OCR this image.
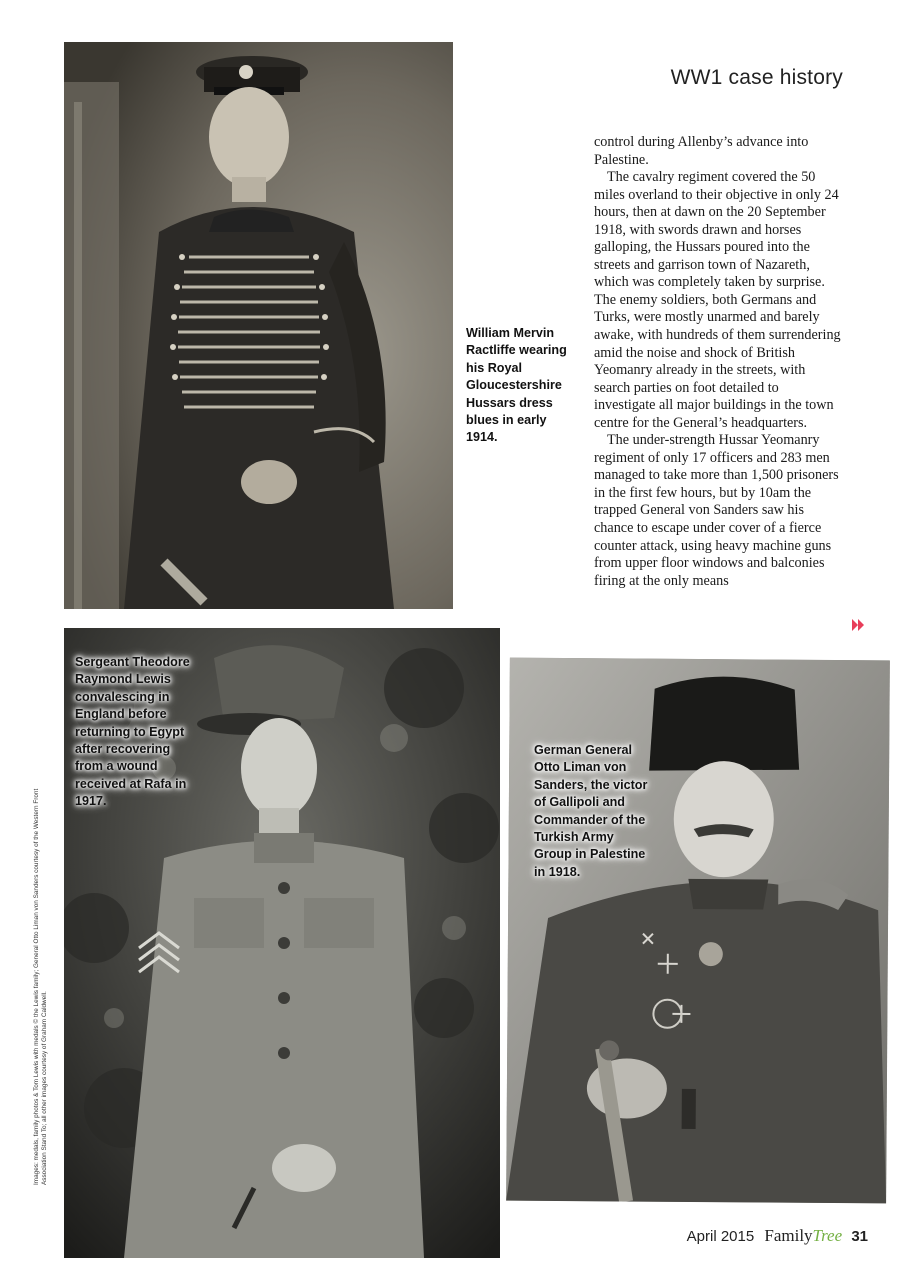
WW1 case history
William Mervin Ractliffe wearing his Royal Gloucestershire Hussars dress blues in early 1914.
Sergeant Theodore Raymond Lewis convalescing in England before returning to Egypt after recovering from a wound received at Rafa in 1917.
German General Otto Liman von Sanders, the victor of Gallipoli and Commander of the Turkish Army Group in Palestine in 1918.

control during Allenby’s advance into Palestine.

The cavalry regiment covered the 50 miles overland to their objective in only 24 hours, then at dawn on the 20 September 1918, with swords drawn and horses galloping, the Hussars poured into the streets and garrison town of Nazareth, which was completely taken by surprise. The enemy soldiers, both Germans and Turks, were mostly unarmed and barely awake, with hundreds of them surrendering amid the noise and shock of British Yeomanry already in the streets, with search parties on foot detailed to investigate all major buildings in the town centre for the General’s headquarters.

The under-strength Hussar Yeomanry regiment of only 17 officers and 283 men managed to take more than 1,500 prisoners in the first few hours, but by 10am the trapped General von Sanders saw his chance to escape under cover of a fierce counter attack, using heavy machine guns from upper floor windows and balconies firing at the only means

Images: medals, family photos & Tom Lewis with medals © the Lewis family; General Otto Liman von Sanders courtesy of the Western Front Association Stand To; all other images courtesy of Graham Caldwell.
April 2015 FamilyTree 31
